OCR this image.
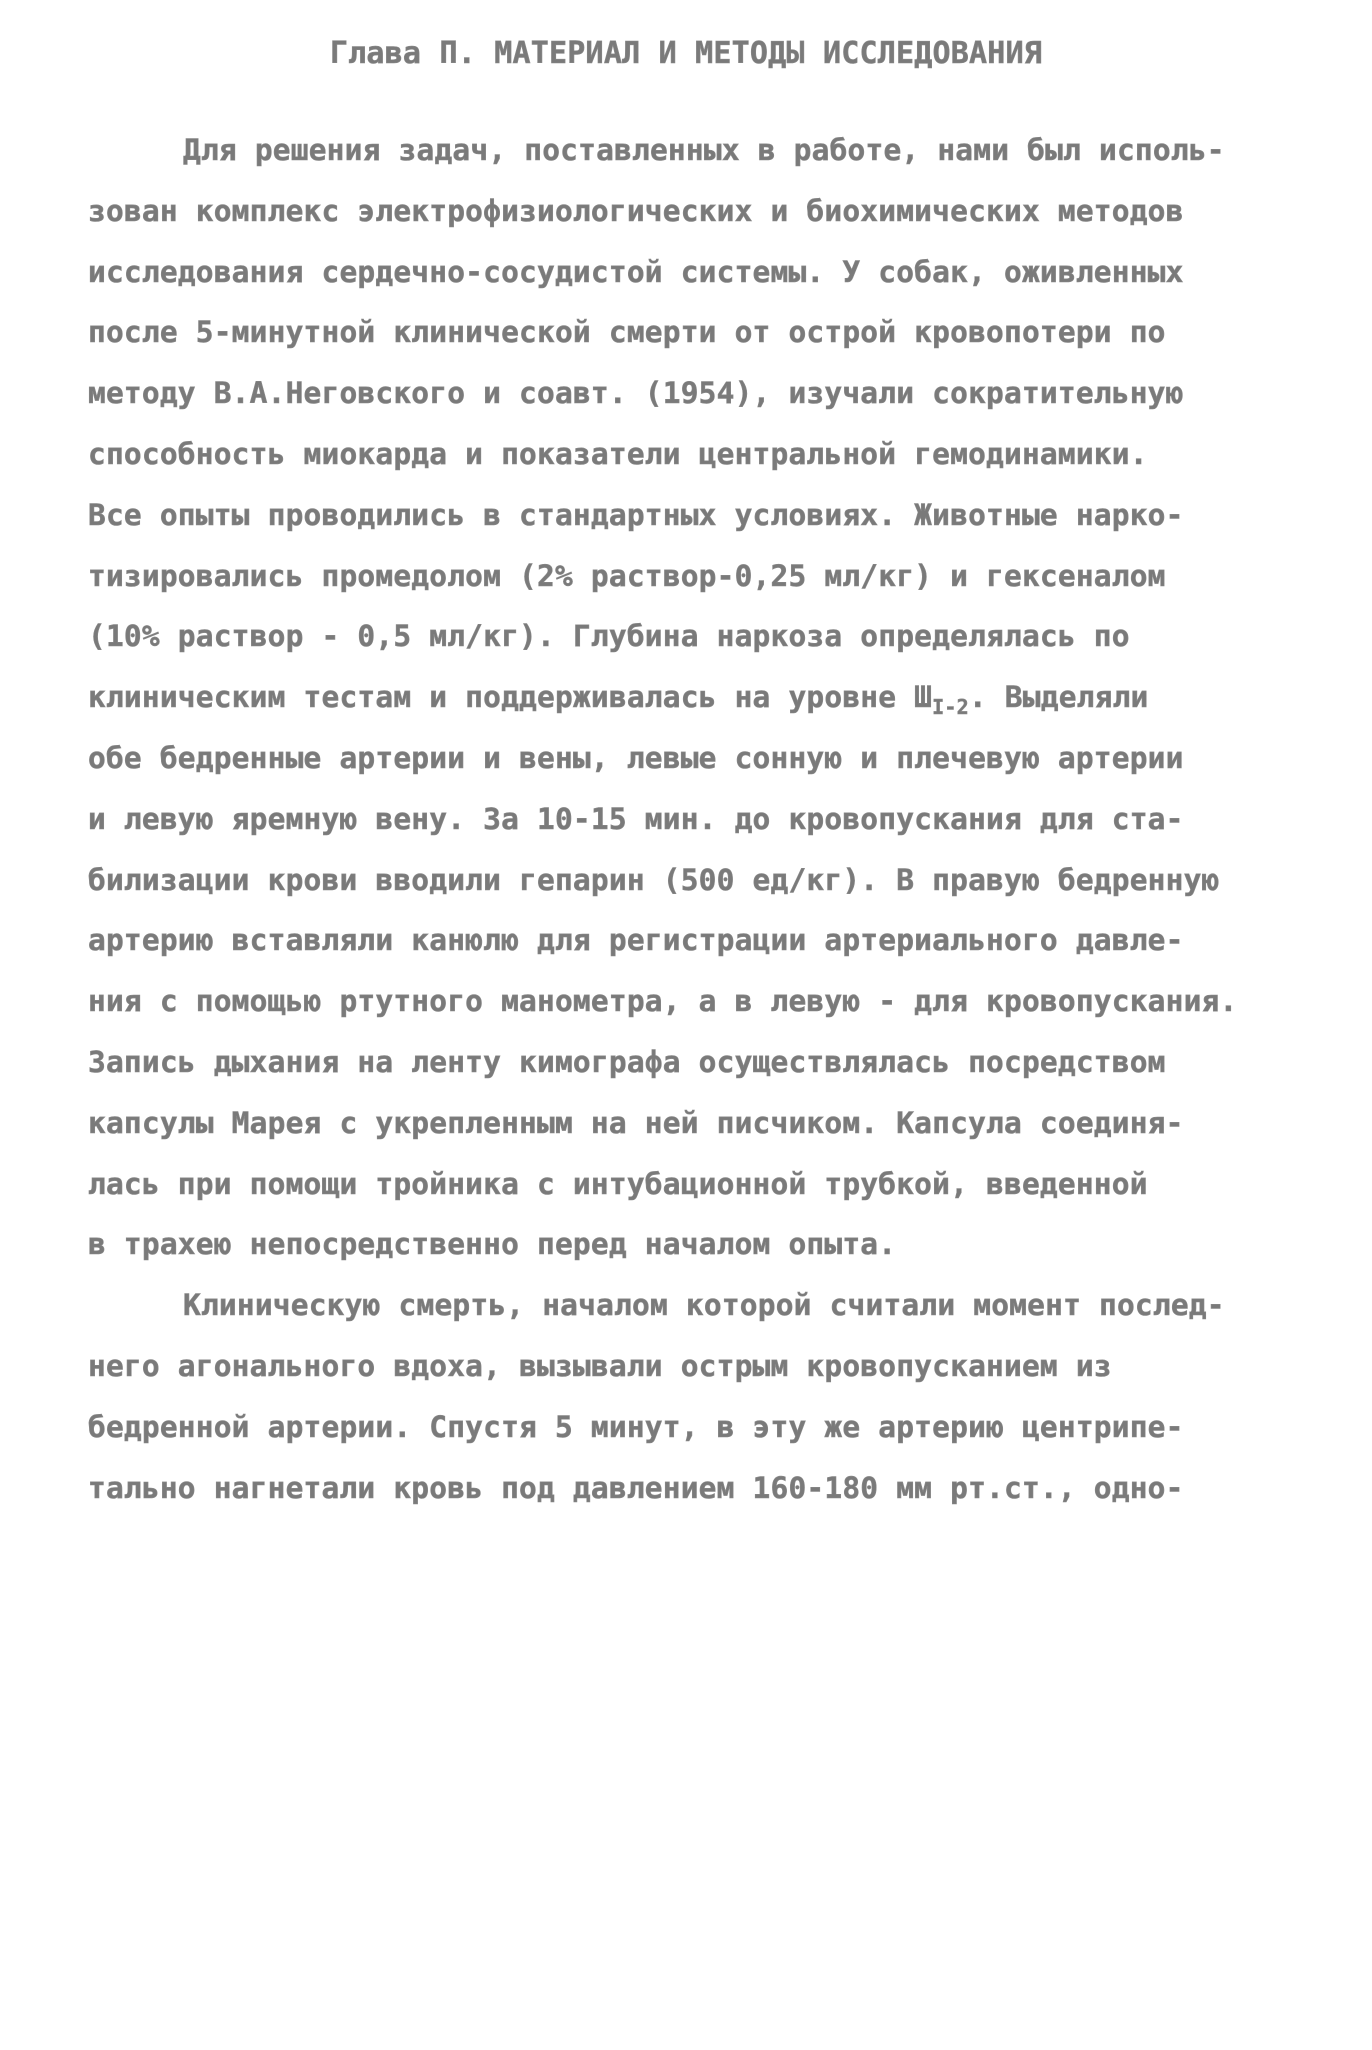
Глава П. МАТЕРИАЛ И МЕТОДЫ ИССЛЕДОВАНИЯ
Для решения задач, поставленных в работе, нами был исполь-
зован комплекс электрофизиологических и биохимических методов
исследования сердечно-сосудистой системы. У собак, оживленных
после 5-минутной клинической смерти от острой кровопотери по
методу В.А.Неговского и соавт. (1954), изучали сократительную
способность миокарда и показатели центральной гемодинамики.
Все опыты проводились в стандартных условиях. Животные нарко-
тизировались промедолом (2% раствор-0,25 мл/кг) и гексеналом
(10% раствор - 0,5 мл/кг). Глубина наркоза определялась по
клиническим тестам и поддерживалась на уровне $Ш_{I-2}$. Выделяли
обе бедренные артерии и вены, левые сонную и плечевую артерии
и левую яремную вену. За 10-15 мин. до кровопускания для ста-
билизации крови вводили гепарин (500 ед/кг). В правую бедренную
артерию вставляли канюлю для регистрации артериального давле-
ния с помощью ртутного манометра, а в левую - для кровопускания.
Запись дыхания на ленту кимографа осуществлялась посредством
капсулы Марея с укрепленным на ней писчиком. Капсула соединя-
лась при помощи тройника с интубационной трубкой, введенной
в трахею непосредственно перед началом опыта.
Клиническую смерть, началом которой считали момент послед-
него агонального вдоха, вызывали острым кровопусканием из
бедренной артерии. Спустя 5 минут, в эту же артерию центрипе-
тально нагнетали кровь под давлением 160-180 мм рт.ст., одно-
